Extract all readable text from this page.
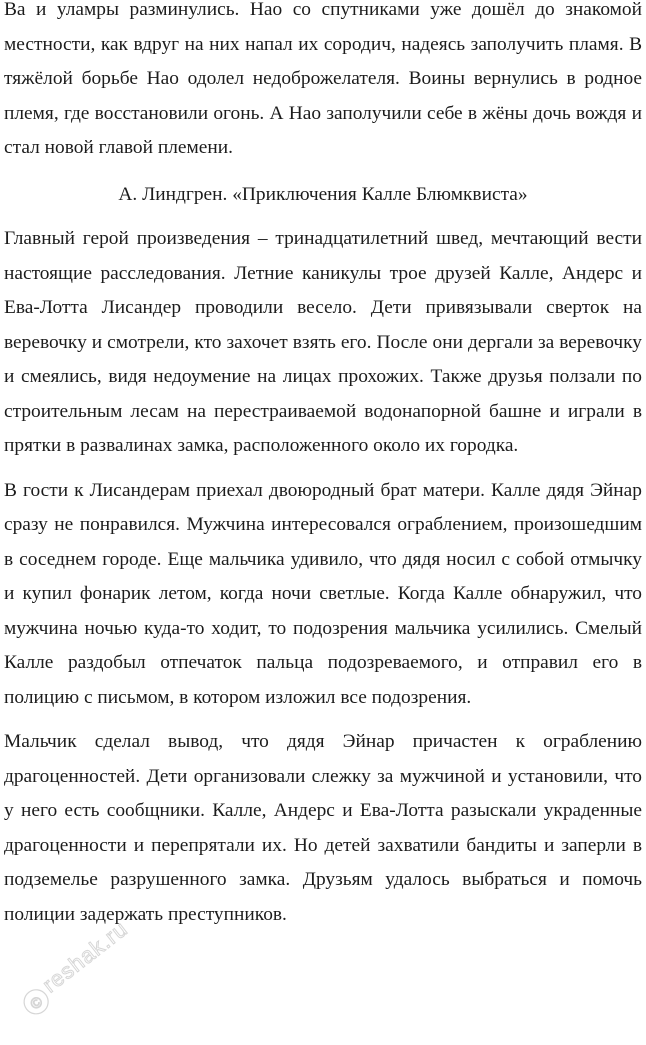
Ва и уламры разминулись. Нао со спутниками уже дошёл до знакомой местности, как вдруг на них напал их сородич, надеясь заполучить пламя. В тяжёлой борьбе Нао одолел недоброжелателя. Воины вернулись в родное племя, где восстановили огонь. А Нао заполучили себе в жёны дочь вождя и стал новой главой племени.

А. Линдгрен. «Приключения Калле Блюмквиста»

Главный герой произведения – тринадцатилетний швед, мечтающий вести настоящие расследования. Летние каникулы трое друзей Калле, Андерс и Ева-Лотта Лисандер проводили весело. Дети привязывали сверток на веревочку и смотрели, кто захочет взять его. После они дергали за веревочку и смеялись, видя недоумение на лицах прохожих. Также друзья ползали по строительным лесам на перестраиваемой водонапорной башне и играли в прятки в развалинах замка, расположенного около их городка.

В гости к Лисандерам приехал двоюродный брат матери. Калле дядя Эйнар сразу не понравился. Мужчина интересовался ограблением, произошедшим в соседнем городе. Еще мальчика удивило, что дядя носил с собой отмычку и купил фонарик летом, когда ночи светлые. Когда Калле обнаружил, что мужчина ночью куда-то ходит, то подозрения мальчика усилились. Смелый Калле раздобыл отпечаток пальца подозреваемого, и отправил его в полицию с письмом, в котором изложил все подозрения.

Мальчик сделал вывод, что дядя Эйнар причастен к ограблению драгоценностей. Дети организовали слежку за мужчиной и установили, что у него есть сообщники. Калле, Андерс и Ева-Лотта разыскали украденные драгоценности и перепрятали их. Но детей захватили бандиты и заперли в подземелье разрушенного замка. Друзьям удалось выбраться и помочь полиции задержать преступников.

©
reshak.ru
